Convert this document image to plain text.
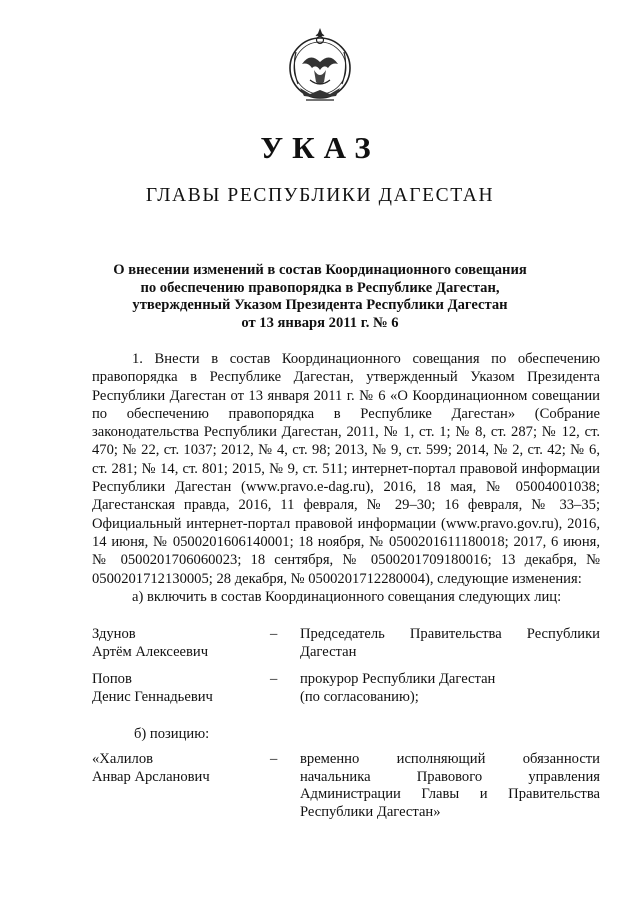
УКАЗ
ГЛАВЫ РЕСПУБЛИКИ ДАГЕСТАН
О внесении изменений в состав Координационного совещания
по обеспечению правопорядка в Республике Дагестан,
утвержденный Указом Президента Республики Дагестан
от 13 января 2011 г. № 6

1. Внести в состав Координационного совещания по обеспечению правопорядка в Республике Дагестан, утвержденный Указом Президента Республики Дагестан от 13 января 2011 г. № 6 «О Координационном совещании по обеспечению правопорядка в Республике Дагестан» (Собрание законодательства Республики Дагестан, 2011, № 1, ст. 1; № 8, ст. 287; № 12, ст. 470; № 22, ст. 1037; 2012, № 4, ст. 98; 2013, № 9, ст. 599; 2014, № 2, ст. 42; № 6, ст. 281; № 14, ст. 801; 2015, № 9, ст. 511; интернет-портал правовой информации Республики Дагестан (www.pravo.e-dag.ru), 2016, 18 мая, № 05004001038; Дагестанская правда, 2016, 11 февраля, № 29–30; 16 февраля, № 33–35; Официальный интернет-портал правовой информации (www.pravo.gov.ru), 2016, 14 июня, № 0500201606140001; 18 ноября, № 0500201611180018; 2017, 6 июня, № 0500201706060023; 18 сентября, № 0500201709180016; 13 декабря, № 0500201712130005; 28 декабря, № 0500201712280004), следующие изменения:

а) включить в состав Координационного совещания следующих лиц:

Здунов
Артём Алексеевич
– Председатель Правительства Республики
Дагестан
Попов
Денис Геннадьевич
– прокурор Республики Дагестан
(по согласованию);
б) позицию:
«Халилов
Анвар Арсланович
– временно исполняющий обязанности
начальника Правового управления
Администрации Главы и Правительства
Республики Дагестан»
